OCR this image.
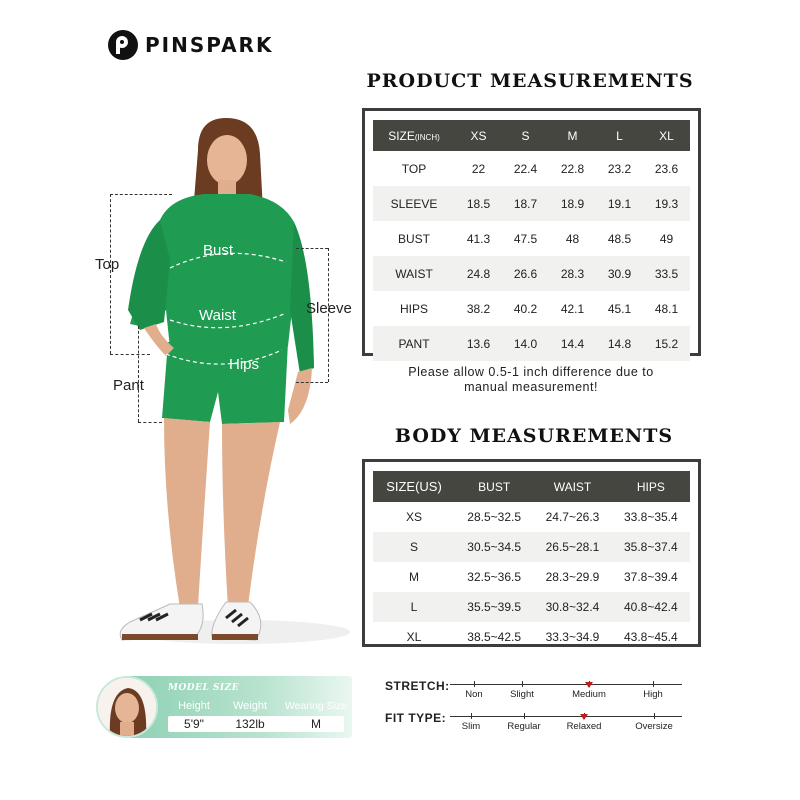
PINSPARK
Top
Bust
Waist	Sleeve
Hips
Pant
PRODUCT MEASUREMENTS
SIZE(INCH)	XS	S	M	L	XL
TOP	22	22.4	22.8	23.2	23.6
SLEEVE	18.5	18.7	18.9	19.1	19.3
BUST	41.3	47.5	48	48.5	49
WAIST	24.8	26.6	28.3	30.9	33.5
HIPS	38.2	40.2	42.1	45.1	48.1
PANT	13.6	14.0	14.4	14.8	15.2
Please allow 0.5-1 inch difference due to manual measurement!
BODY MEASUREMENTS
SIZE(US)	BUST	WAIST	HIPS
XS	28.5~32.5	24.7~26.3	33.8~35.4
S	30.5~34.5	26.5~28.1	35.8~37.4
M	32.5~36.5	28.3~29.9	37.8~39.4
L	35.5~39.5	30.8~32.4	40.8~42.4
XL	38.5~42.5	33.3~34.9	43.8~45.4
MODEL SIZE
Height	Weight	Wearing Size
5'9"	132lb	M
STRETCH:
Non	Slight	Medium	High
FIT TYPE:
Slim	Regular	Relaxed	Oversize
